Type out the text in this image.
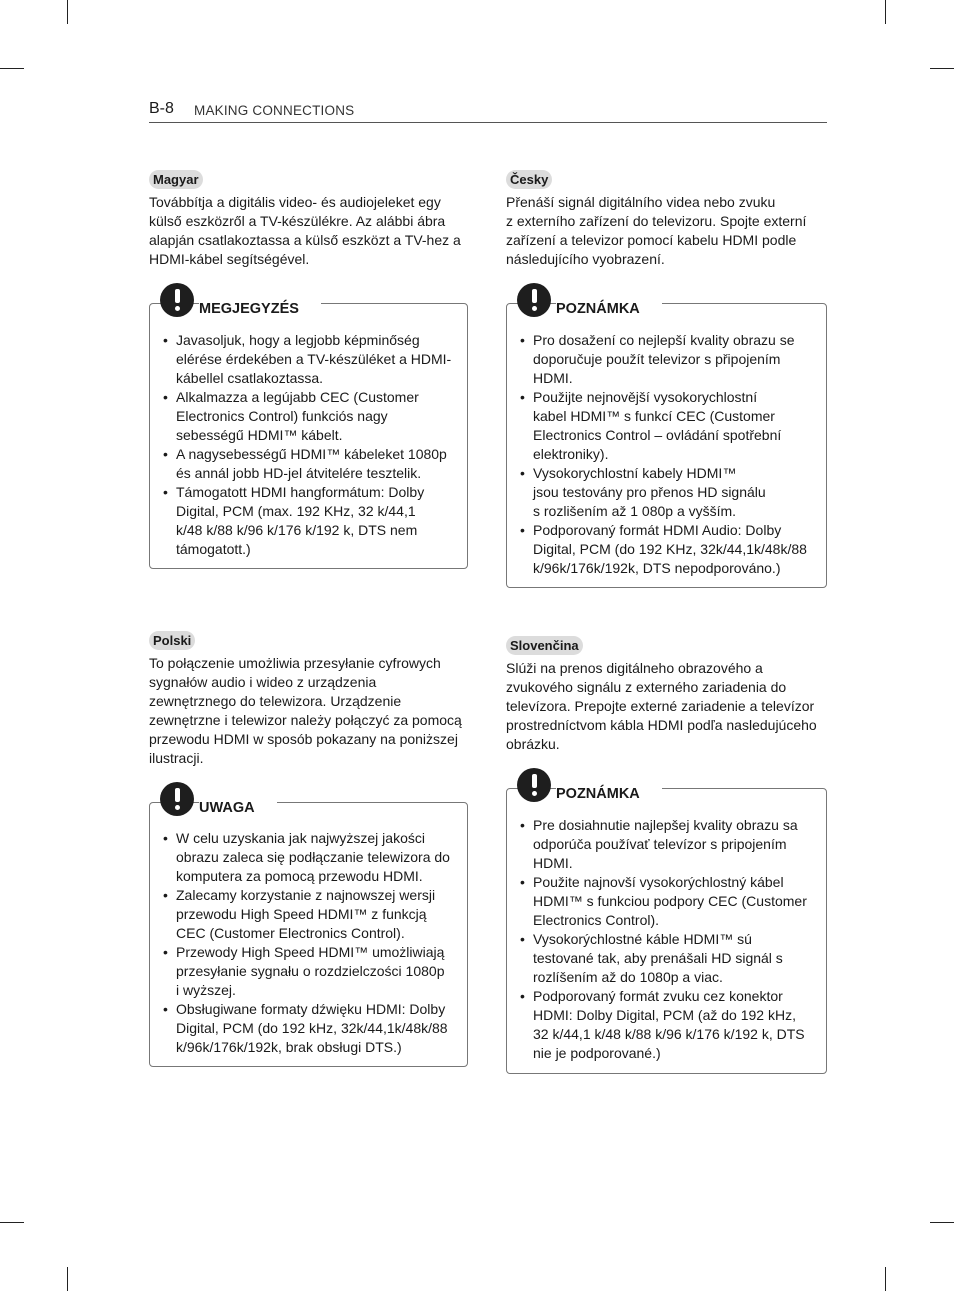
B-8 MAKING CONNECTIONS
Magyar

Továbbítja a digitális video- és audiojeleket egy
külső eszközről a TV-készülékre. Az alábbi ábra
alapján csatlakoztassa a külső eszközt a TV-hez a
HDMI-kábel segítségével.

MEGJEGYZÉS
• Javasoljuk, hogy a legjobb képminőség
elérése érdekében a TV-készüléket a HDMI-
kábellel csatlakoztassa.
• Alkalmazza a legújabb CEC (Customer
Electronics Control) funkciós nagy
sebességű HDMI™ kábelt.
• A nagysebességű HDMI™ kábeleket 1080p
és annál jobb HD-jel átvitelére tesztelik.
• Támogatott HDMI hangformátum: Dolby
Digital, PCM (max. 192 KHz, 32 k/44,1
k/48 k/88 k/96 k/176 k/192 k, DTS nem
támogatott.)
Česky

Přenáší signál digitálního videa nebo zvuku
z externího zařízení do televizoru. Spojte externí
zařízení a televizor pomocí kabelu HDMI podle
následujícího vyobrazení.

POZNÁMKA
• Pro dosažení co nejlepší kvality obrazu se
doporučuje použít televizor s připojením
HDMI.
• Použijte nejnovější vysokorychlostní
kabel HDMI™ s funkcí CEC (Customer
Electronics Control – ovládání spotřební
elektroniky).
• Vysokorychlostní kabely HDMI™
jsou testovány pro přenos HD signálu
s rozlišením až 1 080p a vyšším.
• Podporovaný formát HDMI Audio: Dolby
Digital, PCM (do 192 KHz, 32k/44,1k/48k/88
k/96k/176k/192k, DTS nepodporováno.)
Polski

To połączenie umożliwia przesyłanie cyfrowych
sygnałów audio i wideo z urządzenia
zewnętrznego do telewizora. Urządzenie
zewnętrzne i telewizor należy połączyć za pomocą
przewodu HDMI w sposób pokazany na poniższej
ilustracji.

UWAGA
• W celu uzyskania jak najwyższej jakości
obrazu zaleca się podłączanie telewizora do
komputera za pomocą przewodu HDMI.
• Zalecamy korzystanie z najnowszej wersji
przewodu High Speed HDMI™ z funkcją
CEC (Customer Electronics Control).
• Przewody High Speed HDMI™ umożliwiają
przesyłanie sygnału o rozdzielczości 1080p
i wyższej.
• Obsługiwane formaty dźwięku HDMI: Dolby
Digital, PCM (do 192 kHz, 32k/44,1k/48k/88
k/96k/176k/192k, brak obsługi DTS.)
Slovenčina

Slúži na prenos digitálneho obrazového a
zvukového signálu z externého zariadenia do
televízora. Prepojte externé zariadenie a televízor
prostredníctvom kábla HDMI podľa nasledujúceho
obrázku.

POZNÁMKA
• Pre dosiahnutie najlepšej kvality obrazu sa
odporúča používať televízor s pripojením
HDMI.
• Použite najnovší vysokorýchlostný kábel
HDMI™ s funkciou podpory CEC (Customer
Electronics Control).
• Vysokorýchlostné káble HDMI™ sú
testované tak, aby prenášali HD signál s
rozlíšením až do 1080p a viac.
• Podporovaný formát zvuku cez konektor
HDMI: Dolby Digital, PCM (až do 192 kHz,
32 k/44,1 k/48 k/88 k/96 k/176 k/192 k, DTS
nie je podporované.)
